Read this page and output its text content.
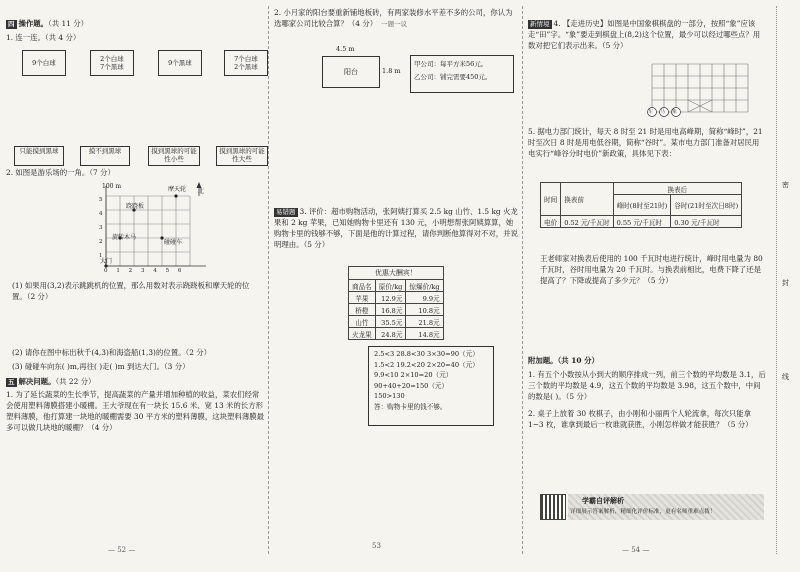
四 操作题。（共 11 分）
1. 连一连。（共 4 分）
9个白球	2个白球
7个黑球	9个黑球	7个白球
2个黑球
只能摸到黑球	摸不到黑球	摸到黑球的可能性小些
摸到黑球的可能性大些
2. 如图是游乐场的一角。（7 分）
100 m	摩天轮 北
跷跷板
旋转木马
碰碰车
大门
0123456
5
4
3
2
1
(1) 如果用(3,2)表示跳跳机的位置，那么用数对表示跷跷板和摩天轮的位置。（2 分）
(2) 请你在图中标出秋千(4,3)和海盗船(1,3)的位置。（2 分）
(3) 碰碰车向东( )m,再往( )走( )m 到达大门。（3 分）
五 解决问题。（共 22 分）
1. 为了延长蔬菜的生长季节，提高蔬菜的产量并增加种植的收益，菜农们经常会使用塑料薄膜搭建小暖棚。王大爷现在有一块长 15.6 米、宽 13 米的长方形塑料薄膜，他打算建一块地的暖棚需要 30 平方米的塑料薄膜，这块塑料薄膜最多可以做几块地的暖棚？（4 分）
— 52 —
2. 小月家的阳台要重新铺地板砖，有两家装修水平差不多的公司，你认为选哪家公司比较合算？（4 分） 一题一议
4.5 m
阳台	1.8 m
甲公司：每平方米56元。
乙公司：铺完需要450元。
易错题 3. 评价：超市购物活动，张阿姨打算买 2.5 kg 山竹、1.5 kg 火龙果和 2 kg 苹果，已知她购物卡里还有 130 元，小明想帮张阿姨算算，她购物卡里的钱够不够，下面是他的计算过程，请你判断他算得对不对，并说明理由。（5 分）
优惠大酬宾！
商品名	原价/kg	惊爆价/kg
苹果	12.9元	9.9元
桥橙	16.8元	10.8元
山竹	35.5元	21.8元
火龙果	24.8元	14.8元
2.5<3 28.8<30 3×30=90（元）
1.5<2 19.2<20 2×20=40（元）
9.9<10 2×10=20（元）
90+40+20=150（元）
150>130
答：购物卡里的钱不够。
53
新情境 4. 【走进历史】如图是中国象棋棋盘的一部分，按照“象”应该走“田”字。“象”要走到棋盘上(8,2)这个位置，最少可以经过哪些点？用数对把它们表示出来。（5 分）
车 马 象
5. 据电力部门统计，每天 8 时至 21 时是用电高峰期，简称“峰时”，21 时至次日 8 时是用电低谷期，简称“谷时”。某市电力部门准备对居民用电实行“峰谷分时电价”新政策，具体见下表：
时间	换表前	换表后	
		峰时(8时至21时)	谷时(21时至次日8时)
电价	0.52 元/千瓦时	0.55 元/千瓦时	0.30 元/千瓦时
王老师家对换表后使用的 100 千瓦时电进行统计，峰时用电量为 80 千瓦时，谷时用电量为 20 千瓦时。与换表前相比，电费下降了还是提高了？下降或提高了多少元？（5 分）
附加题。（共 10 分）
1. 有五个小数按从小到大的顺序排成一列，前三个数的平均数是 3.1，后三个数的平均数是 4.9，这五个数的平均数是 3.98，这五个数中，中间的数是( )。（5 分）
2. 桌子上放着 30 枚棋子，由小刚和小丽两个人轮流拿，每次只能拿 1~3 枚，谁拿到最后一枚谁就获胜，小刚怎样做才能获胜？（5 分）
学霸自评解析
详细展示答案解析，精细化评价标准，更有名师重难点拨！
— 54 —
密
封
线
